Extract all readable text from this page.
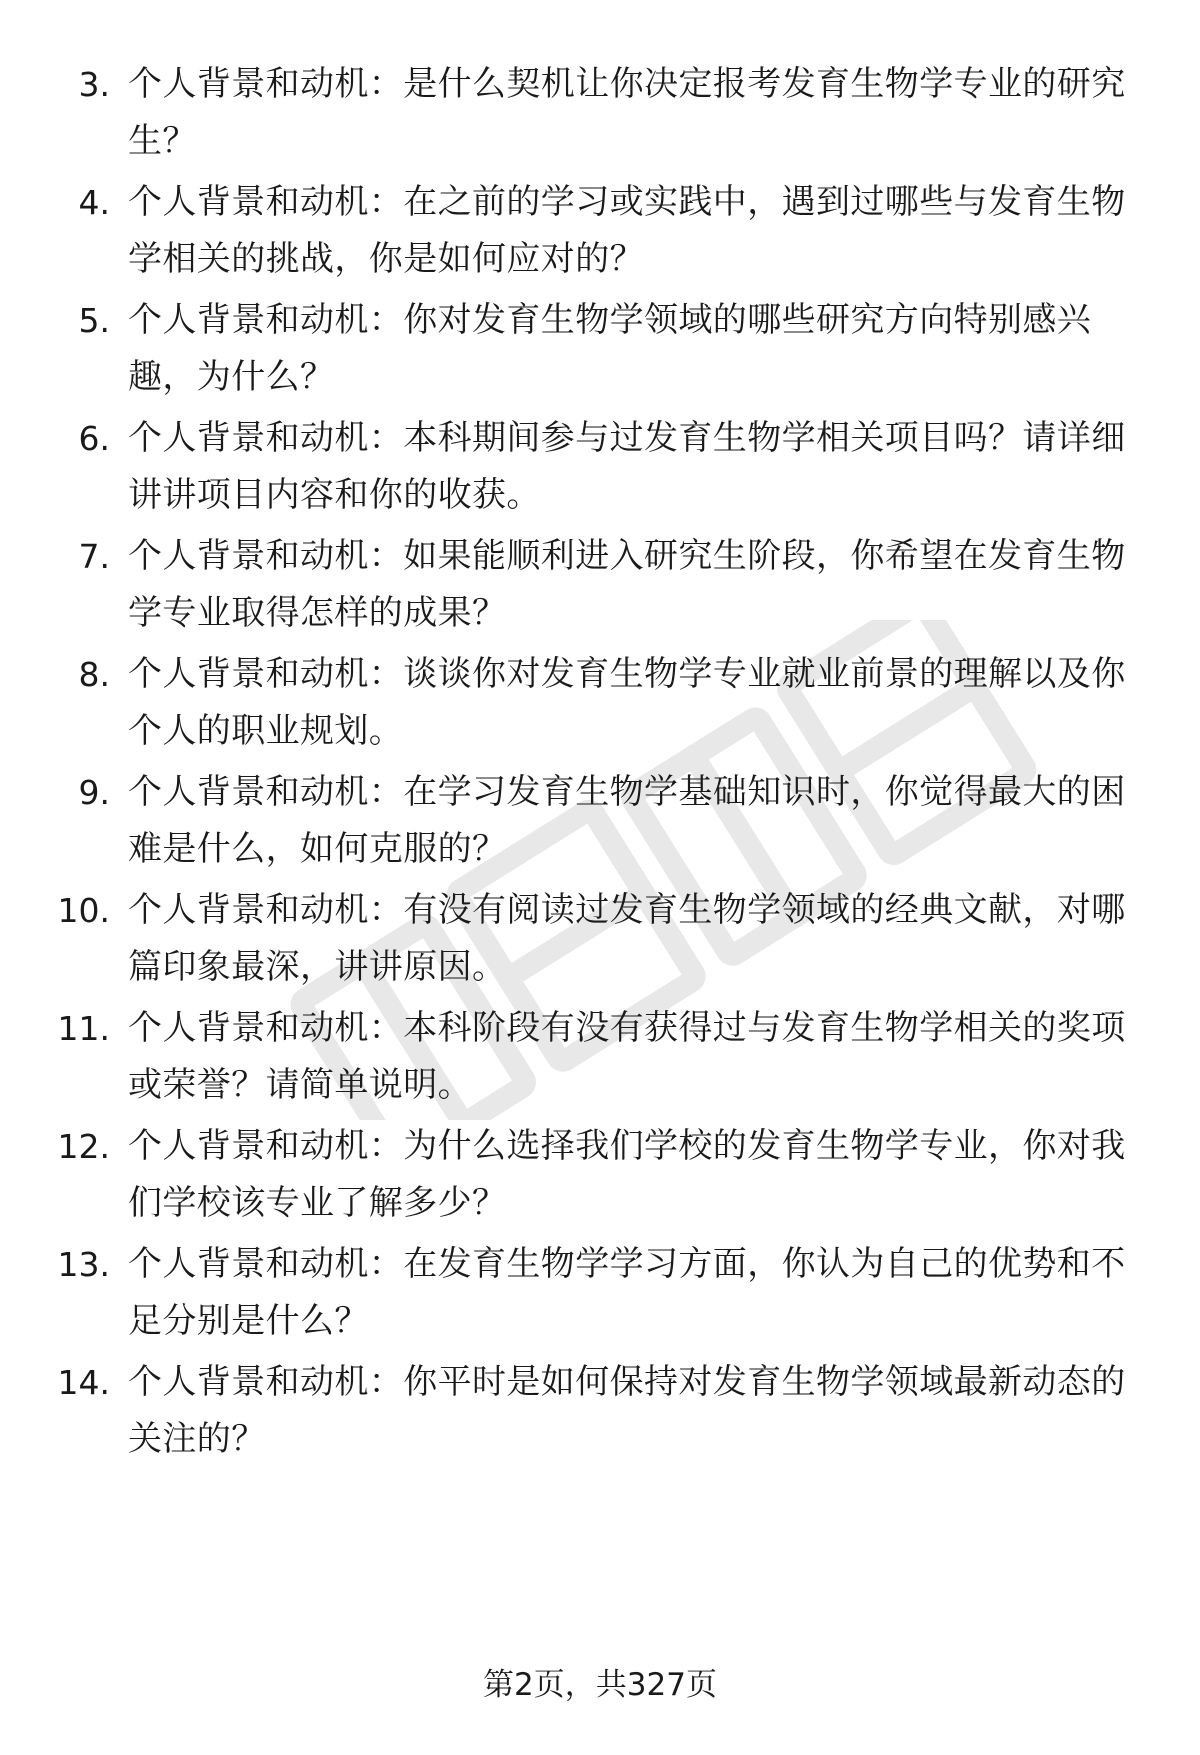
3. 个人背景和动机：是什么契机让你决定报考发育生物学专业的研究生？
4. 个人背景和动机：在之前的学习或实践中，遇到过哪些与发育生物学相关的挑战，你是如何应对的？
5. 个人背景和动机：你对发育生物学领域的哪些研究方向特别感兴趣，为什么？
6. 个人背景和动机：本科期间参与过发育生物学相关项目吗？请详细讲讲项目内容和你的收获。
7. 个人背景和动机：如果能顺利进入研究生阶段，你希望在发育生物学专业取得怎样的成果？
8. 个人背景和动机：谈谈你对发育生物学专业就业前景的理解以及你个人的职业规划。
9. 个人背景和动机：在学习发育生物学基础知识时，你觉得最大的困难是什么，如何克服的？
10. 个人背景和动机：有没有阅读过发育生物学领域的经典文献，对哪篇印象最深，讲讲原因。
11. 个人背景和动机：本科阶段有没有获得过与发育生物学相关的奖项或荣誉？请简单说明。
12. 个人背景和动机：为什么选择我们学校的发育生物学专业，你对我们学校该专业了解多少？
13. 个人背景和动机：在发育生物学学习方面，你认为自己的优势和不足分别是什么？
14. 个人背景和动机：你平时是如何保持对发育生物学领域最新动态的关注的？
第2页，共327页
